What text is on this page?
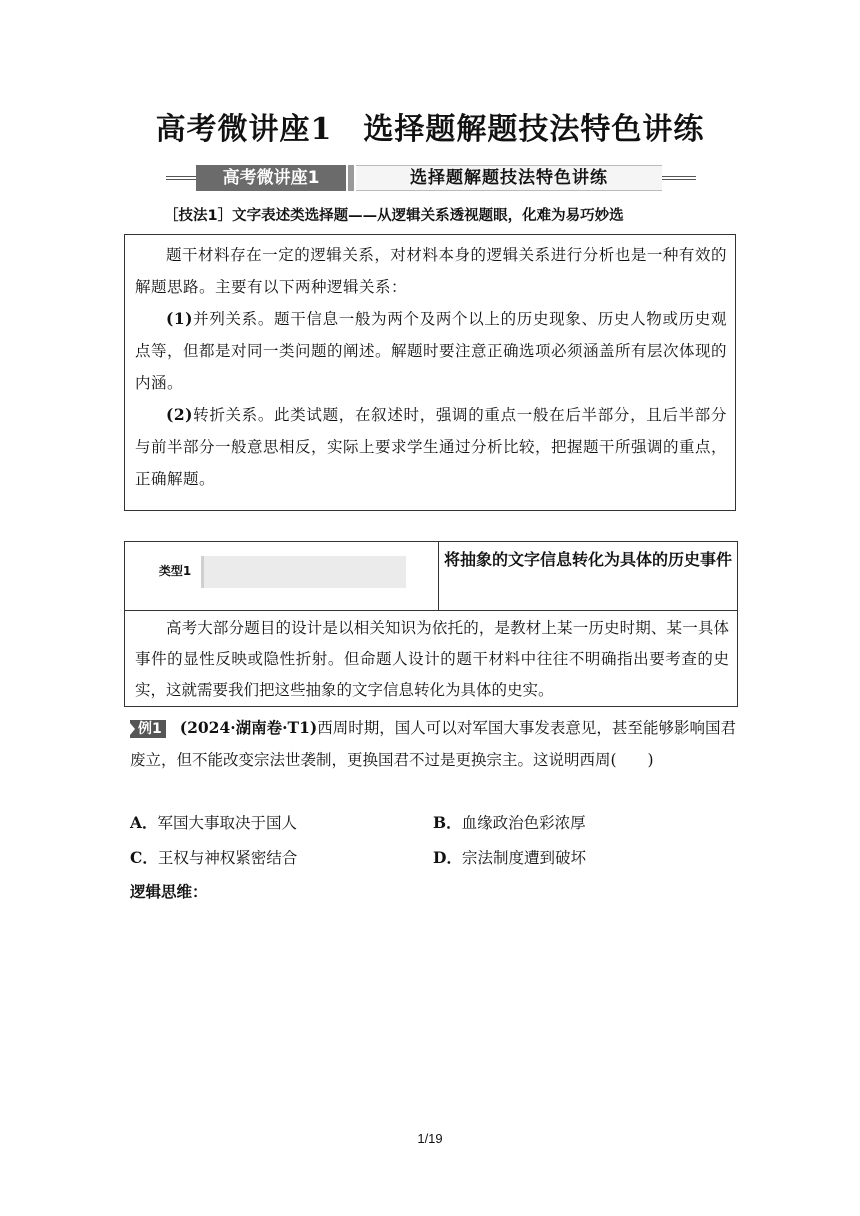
高考微讲座1　选择题解题技法特色讲练
高考微讲座1	选择题解题技法特色讲练
［技法1］文字表述类选择题——从逻辑关系透视题眼，化难为易巧妙选

题干材料存在一定的逻辑关系，对材料本身的逻辑关系进行分析也是一种有效的解题思路。主要有以下两种逻辑关系：

(1)并列关系。题干信息一般为两个及两个以上的历史现象、历史人物或历史观点等，但都是对同一类问题的阐述。解题时要注意正确选项必须涵盖所有层次体现的内涵。

(2)转折关系。此类试题，在叙述时，强调的重点一般在后半部分，且后半部分与前半部分一般意思相反，实际上要求学生通过分析比较，把握题干所强调的重点，正确解题。

类型1
将抽象的文字信息转化为具体的历史事件

高考大部分题目的设计是以相关知识为依托的，是教材上某一历史时期、某一具体事件的显性反映或隐性折射。但命题人设计的题干材料中往往不明确指出要考查的史实，这就需要我们把这些抽象的文字信息转化为具体的史实。

例1 (2024·湖南卷·T1)西周时期，国人可以对军国大事发表意见，甚至能够影响国君废立，但不能改变宗法世袭制，更换国君不过是更换宗主。这说明西周(　　)
A．军国大事取决于国人	B．血缘政治色彩浓厚
C．王权与神权紧密结合	D．宗法制度遭到破坏
逻辑思维：
1/19
